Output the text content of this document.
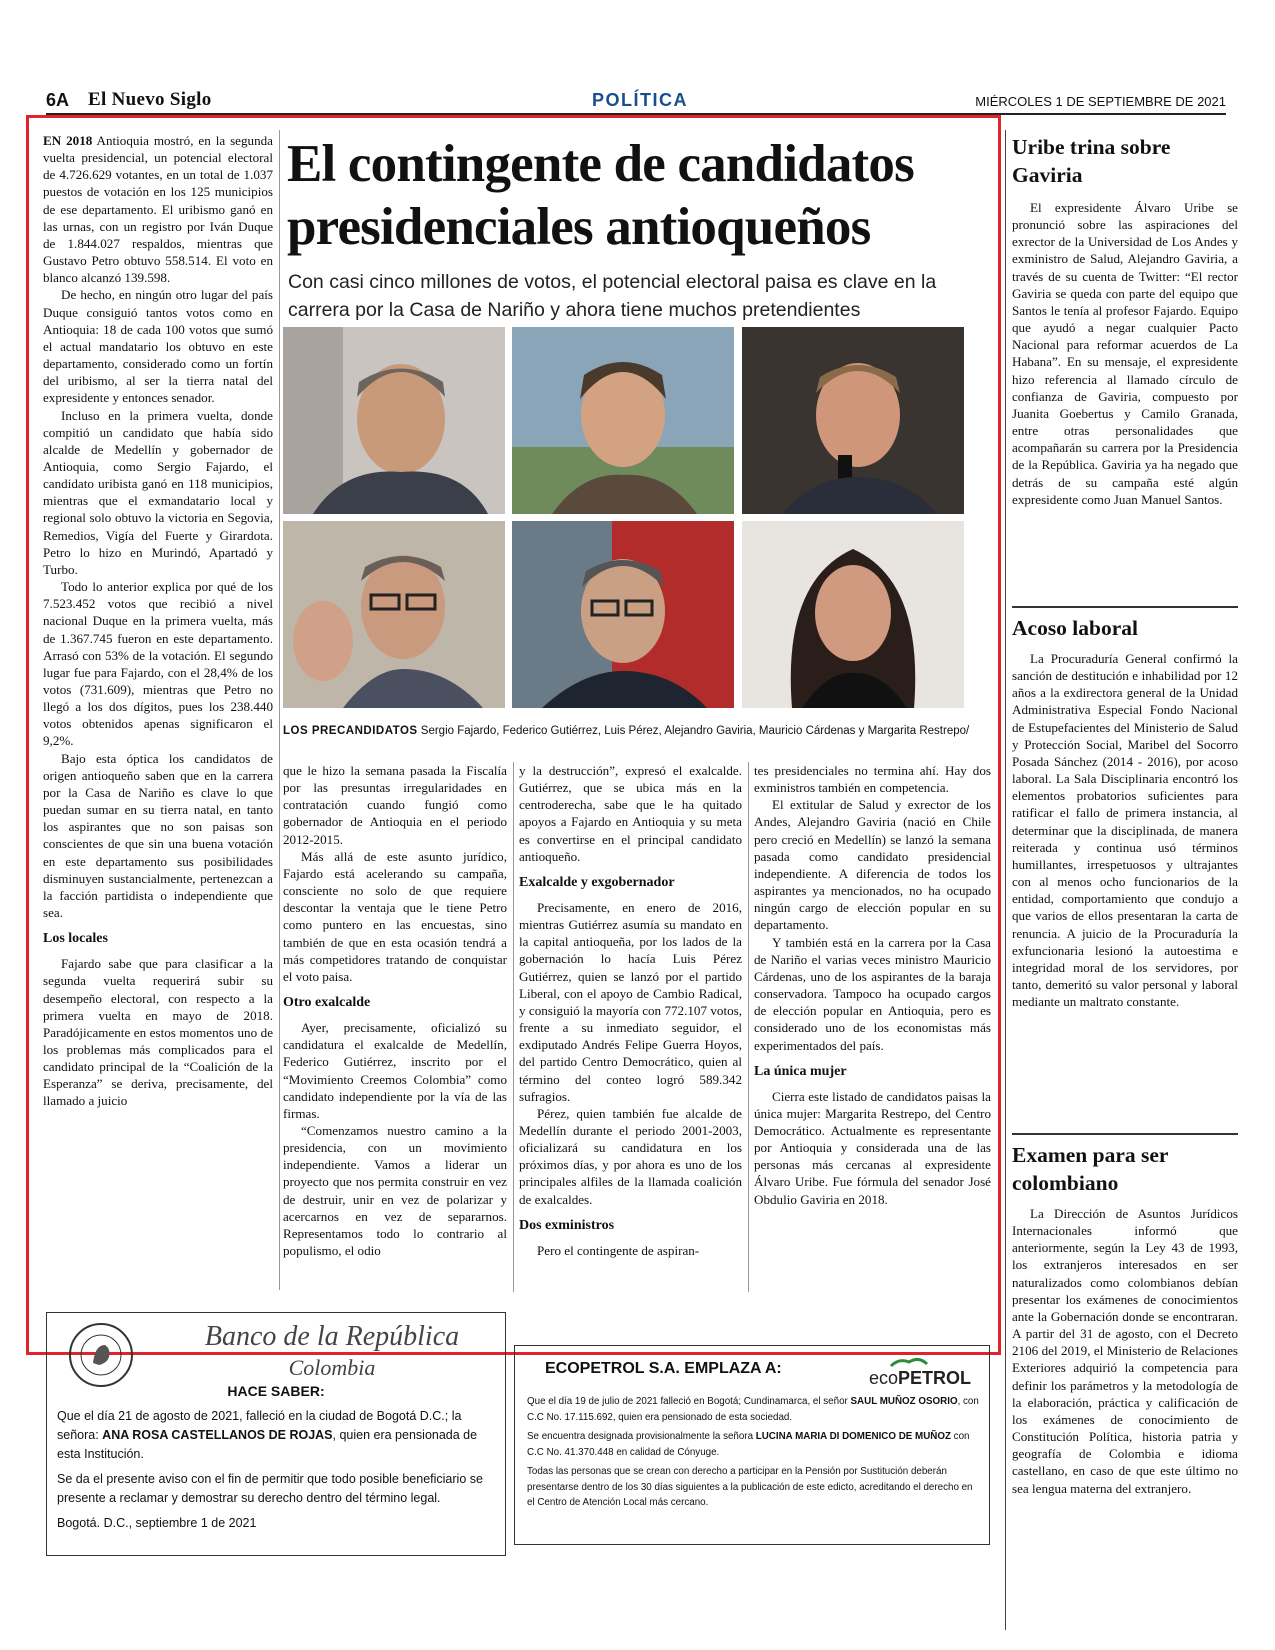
6A El Nuevo Siglo	POLÍTICA	MIÉRCOLES 1 DE SEPTIEMBRE DE 2021

EN 2018 Antioquia mostró, en la segunda vuelta presidencial, un potencial electoral de 4.726.629 votantes, en un total de 1.037 puestos de votación en los 125 municipios de ese departamento. El uribismo ganó en las urnas, con un registro por Iván Duque de 1.844.027 respaldos, mientras que Gustavo Petro obtuvo 558.514. El voto en blanco alcanzó 139.598.

De hecho, en ningún otro lugar del país Duque consiguió tantos votos como en Antioquia: 18 de cada 100 votos que sumó el actual mandatario los obtuvo en este departamento, considerado como un fortín del uribismo, al ser la tierra natal del expresidente y entonces senador.

Incluso en la primera vuelta, donde compitió un candidato que había sido alcalde de Medellín y gobernador de Antioquia, como Sergio Fajardo, el candidato uribista ganó en 118 municipios, mientras que el exmandatario local y regional solo obtuvo la victoria en Segovia, Remedios, Vigía del Fuerte y Girardota. Petro lo hizo en Murindó, Apartadó y Turbo.

Todo lo anterior explica por qué de los 7.523.452 votos que recibió a nivel nacional Duque en la primera vuelta, más de 1.367.745 fueron en este departamento. Arrasó con 53% de la votación. El segundo lugar fue para Fajardo, con el 28,4% de los votos (731.609), mientras que Petro no llegó a los dos dígitos, pues los 238.440 votos obtenidos apenas significaron el 9,2%.

Bajo esta óptica los candidatos de origen antioqueño saben que en la carrera por la Casa de Nariño es clave lo que puedan sumar en su tierra natal, en tanto los aspirantes que no son paisas son conscientes de que sin una buena votación en este departamento sus posibilidades disminuyen sustancialmente, pertenezcan a la facción partidista o independiente que sea.

Los locales

Fajardo sabe que para clasificar a la segunda vuelta requerirá subir su desempeño electoral, con respecto a la primera vuelta en mayo de 2018. Paradójicamente en estos momentos uno de los problemas más complicados para el candidato principal de la “Coalición de la Esperanza” se deriva, precisamente, del llamado a juicio

El contingente de candidatos presidenciales antioqueños
Con casi cinco millones de votos, el potencial electoral paisa es clave en la carrera por la Casa de Nariño y ahora tiene muchos pretendientes
LOS PRECANDIDATOS Sergio Fajardo, Federico Gutiérrez, Luis Pérez, Alejandro Gaviria, Mauricio Cárdenas y Margarita Restrepo/

que le hizo la semana pasada la Fiscalía por las presuntas irregularidades en contratación cuando fungió como gobernador de Antioquia en el periodo 2012-2015.

Más allá de este asunto jurídico, Fajardo está acelerando su campaña, consciente no solo de que requiere descontar la ventaja que le tiene Petro como puntero en las encuestas, sino también de que en esta ocasión tendrá a más competidores tratando de conquistar el voto paisa.

Otro exalcalde

Ayer, precisamente, oficializó su candidatura el exalcalde de Medellín, Federico Gutiérrez, inscrito por el “Movimiento Creemos Colombia” como candidato independiente por la vía de las firmas.

“Comenzamos nuestro camino a la presidencia, con un movimiento independiente. Vamos a liderar un proyecto que nos permita construir en vez de destruir, unir en vez de polarizar y acercarnos en vez de separarnos. Representamos todo lo contrario al populismo, el odio

y la destrucción”, expresó el exalcalde. Gutiérrez, que se ubica más en la centroderecha, sabe que le ha quitado apoyos a Fajardo en Antioquia y su meta es convertirse en el principal candidato antioqueño.

Exalcalde y exgobernador

Precisamente, en enero de 2016, mientras Gutiérrez asumía su mandato en la capital antioqueña, por los lados de la gobernación lo hacía Luis Pérez Gutiérrez, quien se lanzó por el partido Liberal, con el apoyo de Cambio Radical, y consiguió la mayoría con 772.107 votos, frente a su inmediato seguidor, el exdiputado Andrés Felipe Guerra Hoyos, del partido Centro Democrático, quien al término del conteo logró 589.342 sufragios.

Pérez, quien también fue alcalde de Medellín durante el periodo 2001-2003, oficializará su candidatura en los próximos días, y por ahora es uno de los principales alfiles de la llamada coalición de exalcaldes.

Dos exministros

Pero el contingente de aspiran-

tes presidenciales no termina ahí. Hay dos exministros también en competencia.

El extitular de Salud y exrector de los Andes, Alejandro Gaviria (nació en Chile pero creció en Medellín) se lanzó la semana pasada como candidato presidencial independiente. A diferencia de todos los aspirantes ya mencionados, no ha ocupado ningún cargo de elección popular en su departamento.

Y también está en la carrera por la Casa de Nariño el varias veces ministro Mauricio Cárdenas, uno de los aspirantes de la baraja conservadora. Tampoco ha ocupado cargos de elección popular en Antioquia, pero es considerado uno de los economistas más experimentados del país.

La única mujer

Cierra este listado de candidatos paisas la única mujer: Margarita Restrepo, del Centro Democrático. Actualmente es representante por Antioquia y considerada una de las personas más cercanas al expresidente Álvaro Uribe. Fue fórmula del senador José Obdulio Gaviria en 2018.

Uribe trina sobre Gaviria

El expresidente Álvaro Uribe se pronunció sobre las aspiraciones del exrector de la Universidad de Los Andes y exministro de Salud, Alejandro Gaviria, a través de su cuenta de Twitter: “El rector Gaviria se queda con parte del equipo que Santos le tenía al profesor Fajardo. Equipo que ayudó a negar cualquier Pacto Nacional para reformar acuerdos de La Habana”. En su mensaje, el expresidente hizo referencia al llamado círculo de confianza de Gaviria, compuesto por Juanita Goebertus y Camilo Granada, entre otras personalidades que acompañarán su carrera por la Presidencia de la República. Gaviria ya ha negado que detrás de su campaña esté algún expresidente como Juan Manuel Santos.

Acoso laboral

La Procuraduría General confirmó la sanción de destitución e inhabilidad por 12 años a la exdirectora general de la Unidad Administrativa Especial Fondo Nacional de Estupefacientes del Ministerio de Salud y Protección Social, Maribel del Socorro Posada Sánchez (2014 - 2016), por acoso laboral. La Sala Disciplinaria encontró los elementos probatorios suficientes para ratificar el fallo de primera instancia, al determinar que la disciplinada, de manera reiterada y continua usó términos humillantes, irrespetuosos y ultrajantes con al menos ocho funcionarios de la entidad, comportamiento que condujo a que varios de ellos presentaran la carta de renuncia. A juicio de la Procuraduría la exfuncionaria lesionó la autoestima e integridad moral de los servidores, por tanto, demeritó su valor personal y laboral mediante un maltrato constante.

Examen para ser colombiano

La Dirección de Asuntos Jurídicos Internacionales informó que anteriormente, según la Ley 43 de 1993, los extranjeros interesados en ser naturalizados como colombianos debían presentar los exámenes de conocimientos ante la Gobernación donde se encontraran. A partir del 31 de agosto, con el Decreto 2106 del 2019, el Ministerio de Relaciones Exteriores adquirió la competencia para definir los parámetros y la metodología de la elaboración, práctica y calificación de los exámenes de conocimiento de Constitución Política, historia patria y geografía de Colombia e idioma castellano, en caso de que este último no sea lengua materna del extranjero.

Banco de la República
Colombia
HACE SABER:

Que el día 21 de agosto de 2021, falleció en la ciudad de Bogotá D.C.; la señora: ANA ROSA CASTELLANOS DE ROJAS, quien era pensionada de esta Institución.

Se da el presente aviso con el fin de permitir que todo posible beneficiario se presente a reclamar y demostrar su derecho dentro del término legal.

Bogotá. D.C., septiembre 1 de 2021

ECOPETROL S.A. EMPLAZA A:	ecoPETROL

Que el día 19 de julio de 2021 falleció en Bogotá; Cundinamarca, el señor SAUL MUÑOZ OSORIO, con C.C No. 17.115.692, quien era pensionado de esta sociedad.

Se encuentra designada provisionalmente la señora LUCINA MARIA DI DOMENICO DE MUÑOZ con C.C No. 41.370.448 en calidad de Cónyuge.

Todas las personas que se crean con derecho a participar en la Pensión por Sustitución deberán presentarse dentro de los 30 días siguientes a la publicación de este edicto, acreditando el derecho en el Centro de Atención Local más cercano.
